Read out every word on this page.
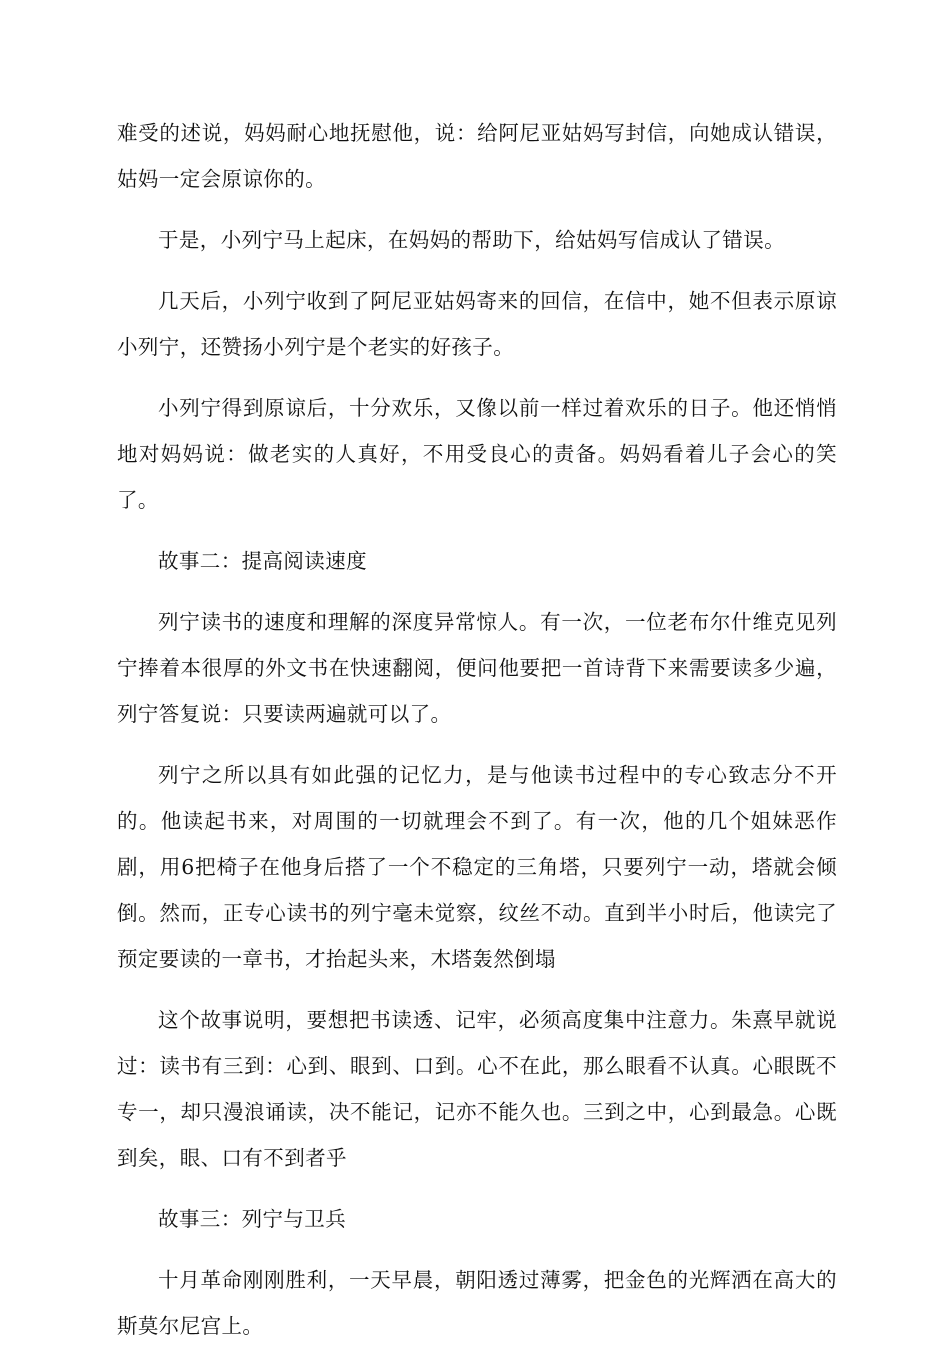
难受的述说，妈妈耐心地抚慰他，说：给阿尼亚姑妈写封信，向她成认错误，姑妈一定会原谅你的。

于是，小列宁马上起床，在妈妈的帮助下，给姑妈写信成认了错误。

几天后，小列宁收到了阿尼亚姑妈寄来的回信，在信中，她不但表示原谅小列宁，还赞扬小列宁是个老实的好孩子。

小列宁得到原谅后，十分欢乐，又像以前一样过着欢乐的日子。他还悄悄地对妈妈说：做老实的人真好，不用受良心的责备。妈妈看着儿子会心的笑了。

故事二：提高阅读速度

列宁读书的速度和理解的深度异常惊人。有一次，一位老布尔什维克见列宁捧着本很厚的外文书在快速翻阅，便问他要把一首诗背下来需要读多少遍，列宁答复说：只要读两遍就可以了。

列宁之所以具有如此强的记忆力，是与他读书过程中的专心致志分不开的。他读起书来，对周围的一切就理会不到了。有一次，他的几个姐妹恶作剧，用6把椅子在他身后搭了一个不稳定的三角塔，只要列宁一动，塔就会倾倒。然而，正专心读书的列宁毫未觉察，纹丝不动。直到半小时后，他读完了预定要读的一章书，才抬起头来，木塔轰然倒塌

这个故事说明，要想把书读透、记牢，必须高度集中注意力。朱熹早就说过：读书有三到：心到、眼到、口到。心不在此，那么眼看不认真。心眼既不专一，却只漫浪诵读，决不能记，记亦不能久也。三到之中，心到最急。心既到矣，眼、口有不到者乎

故事三：列宁与卫兵

十月革命刚刚胜利，一天早晨，朝阳透过薄雾，把金色的光辉洒在高大的斯莫尔尼宫上。
